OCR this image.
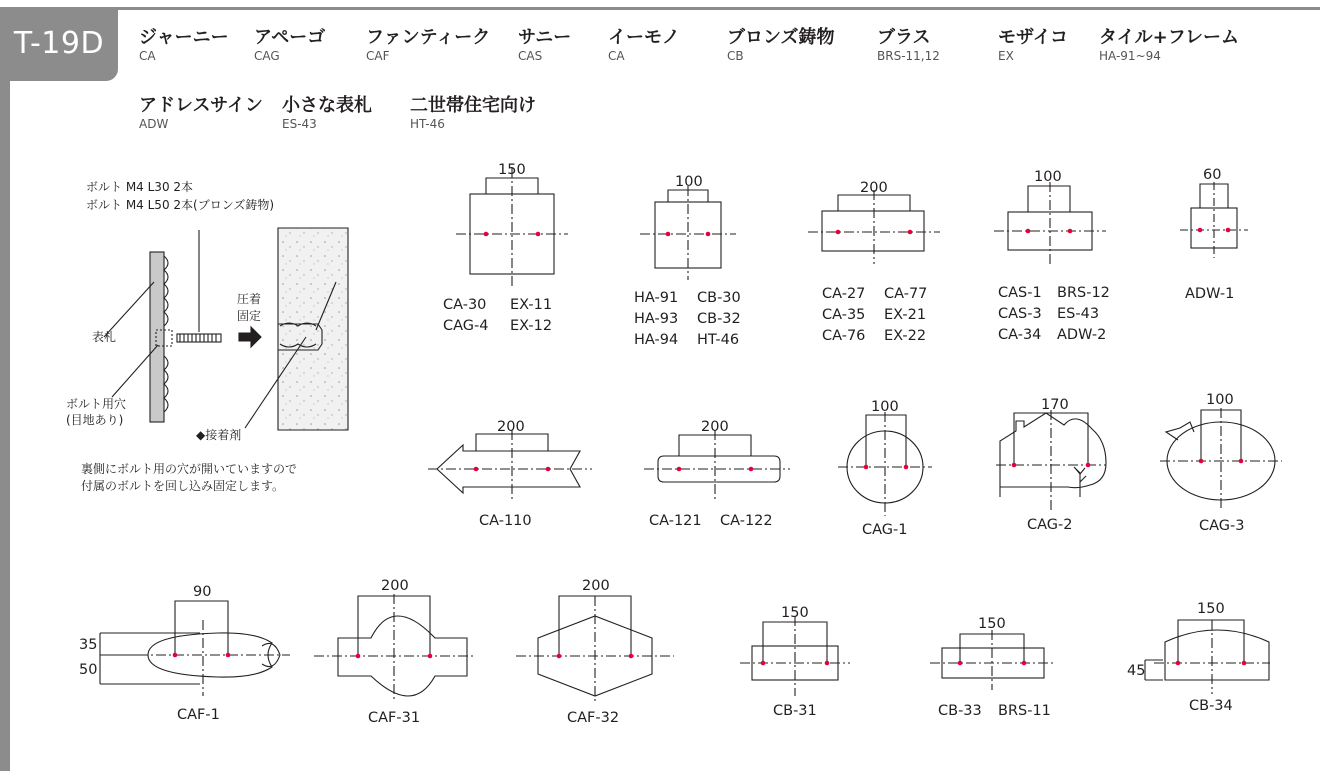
T-19D	ジャーニー
CA
アペーゴ
CAG
ファンティーク
CAF
サニー
CAS
イーモノ
CA
ブロンズ鋳物
CB
ブラス
BRS-11,12
モザイコ
EX
タイル+フレーム
HA-91~94
アドレスサイン
ADW
小さな表札
ES-43
二世帯住宅向け
HT-46
ボルト M4 L30 2本
ボルト M4 L50 2本(ブロンズ鋳物)
表札
ボルト用穴
(目地あり)
圧着
固定
◆接着剤
裏側にボルト用の穴が開いていますので
付属のボルトを回し込み固定します。
150
100	200
100	60
200	200
100	170	100
90
35
50
200	200
150
150
150
45
CA-30 EX-11
CAG-4 EX-12
HA-91 CB-30
HA-93 CB-32
HA-94 HT-46
CA-27 CA-77
CA-35 EX-21
CA-76 EX-22
CAS-1 BRS-12
CAS-3 ES-43
CA-34 ADW-2
ADW-1
CA-110	CA-121 CA-122
CAG-1	CAG-2	CAG-3
CAF-1	CAF-31	CAF-32	CB-31	CB-33 BRS-11	CB-34
